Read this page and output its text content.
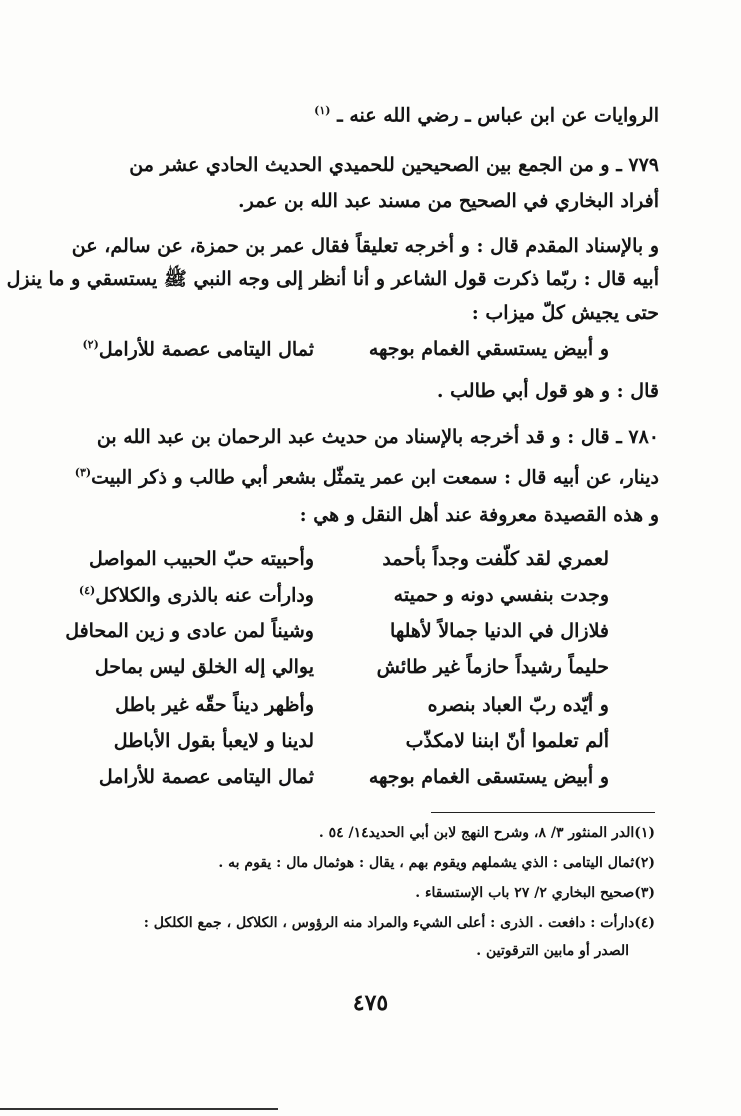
الروايات عن ابن عباس ـ رضي الله عنه ـ $^{(١)}$
٧٧٩ ـ و من الجمع بين الصحيحين للحميدي الحديث الحادي عشر من
أفراد البخاري في الصحيح من مسند عبد الله بن عمر.
و بالإسناد المقدم قال : و أخرجه تعليقاً فقال عمر بن حمزة، عن سالم، عن
أبيه قال : ربّما ذكرت قول الشاعر و أنا أنظر إلى وجه النبي ﷺ يستسقي و ما ينزل
حتى يجيش كلّ ميزاب :
و أبيض يستسقي الغمام بوجهه
ثمال اليتامى عصمة للأرامل$^{(٢)}$
قال : و هو قول أبي طالب .
٧٨٠ ـ قال : و قد أخرجه بالإسناد من حديث عبد الرحمان بن عبد الله بن
دينار، عن أبيه قال : سمعت ابن عمر يتمثّل بشعر أبي طالب و ذكر البيت$^{(٣)}$
و هذه القصيدة معروفة عند أهل النقل و هي :
لعمري لقد كلّفت وجداً بأحمد
وأحبيته حبّ الحبيب المواصل
وجدت بنفسي دونه و حميته
ودارأت عنه بالذرى والكلاكل$^{(٤)}$
فلازال في الدنيا جمالاً لأهلها
وشيناً لمن عادى و زين المحافل
حليماً رشيداً حازماً غير طائش
يوالي إله الخلق ليس بماحل
و أيّده ربّ العباد بنصره
وأظهر ديناً حقّه غير باطل
ألم تعلموا أنّ ابننا لامكذّب
لدينا و لايعبأ بقول الأباطل
و أبيض يستسقى الغمام بوجهه
ثمال اليتامى عصمة للأرامل
(١)الدر المنثور ٣/ ٨، وشرح النهج لابن أبي الحديد١٤/ ٥٤ .
(٢)ثمال اليتامى : الذي يشملهم ويقوم بهم ، يقال : هوثمال مال : يقوم به .
(٣)صحيح البخاري ٢/ ٢٧ باب الإستسقاء .
(٤)دارأت : دافعت . الذرى : أعلى الشيء والمراد منه الرؤوس ، الكلاكل ، جمع الكلكل :
الصدر أو مابين الترقوتين .
٤٧٥
